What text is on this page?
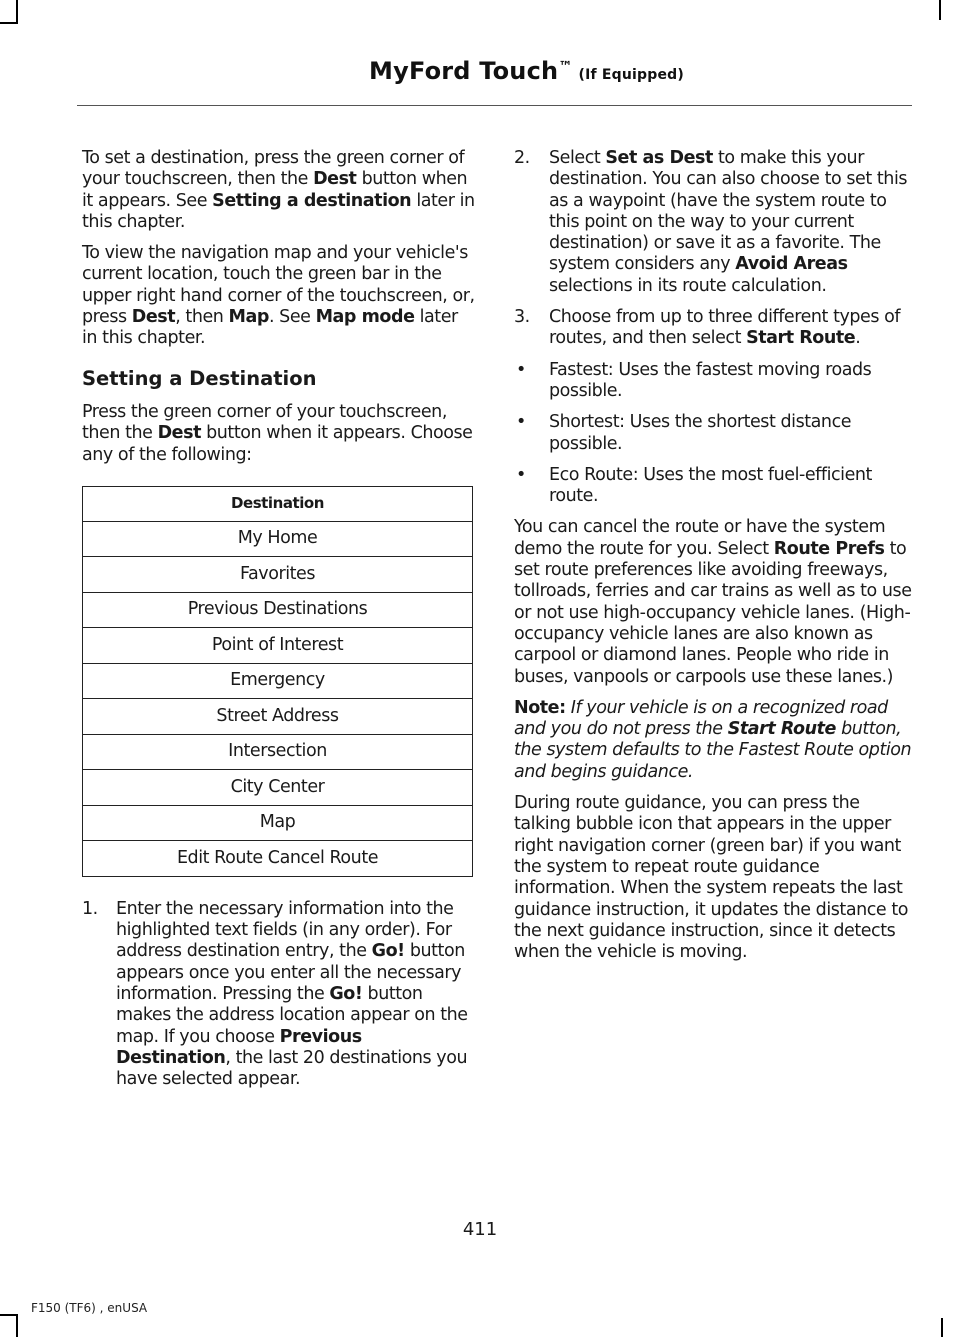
MyFord Touch™ (If Equipped)

To set a destination, press the green corner of your touchscreen, then the Dest button when it appears. See Setting a destination later in this chapter.

To view the navigation map and your vehicle's current location, touch the green bar in the upper right hand corner of the touchscreen, or, press Dest, then Map. See Map mode later in this chapter.

Setting a Destination

Press the green corner of your touchscreen, then the Dest button when it appears. Choose any of the following:

Destination
My Home
Favorites
Previous Destinations
Point of Interest
Emergency
Street Address
Intersection
City Center
Map
Edit Route Cancel Route
1.	Enter the necessary information into the highlighted text fields (in any order). For address destination entry, the Go! button appears once you enter all the necessary information. Pressing the Go! button makes the address location appear on the map. If you choose Previous Destination, the last 20 destinations you have selected appear.

2.	Select Set as Dest to make this your destination. You can also choose to set this as a waypoint (have the system route to this point on the way to your current destination) or save it as a favorite. The system considers any Avoid Areas selections in its route calculation.

3.	Choose from up to three different types of routes, and then select Start Route.

•	Fastest: Uses the fastest moving roads possible.

•	Shortest: Uses the shortest distance possible.

•	Eco Route: Uses the most fuel-efficient route.

You can cancel the route or have the system demo the route for you. Select Route Prefs to set route preferences like avoiding freeways, tollroads, ferries and car trains as well as to use or not use high-occupancy vehicle lanes. (High-occupancy vehicle lanes are also known as carpool or diamond lanes. People who ride in buses, vanpools or carpools use these lanes.)

Note: If your vehicle is on a recognized road and you do not press the Start Route button, the system defaults to the Fastest Route option and begins guidance.

During route guidance, you can press the talking bubble icon that appears in the upper right navigation corner (green bar) if you want the system to repeat route guidance information. When the system repeats the last guidance instruction, it updates the distance to the next guidance instruction, since it detects when the vehicle is moving.

411
F150 (TF6) , enUSA
